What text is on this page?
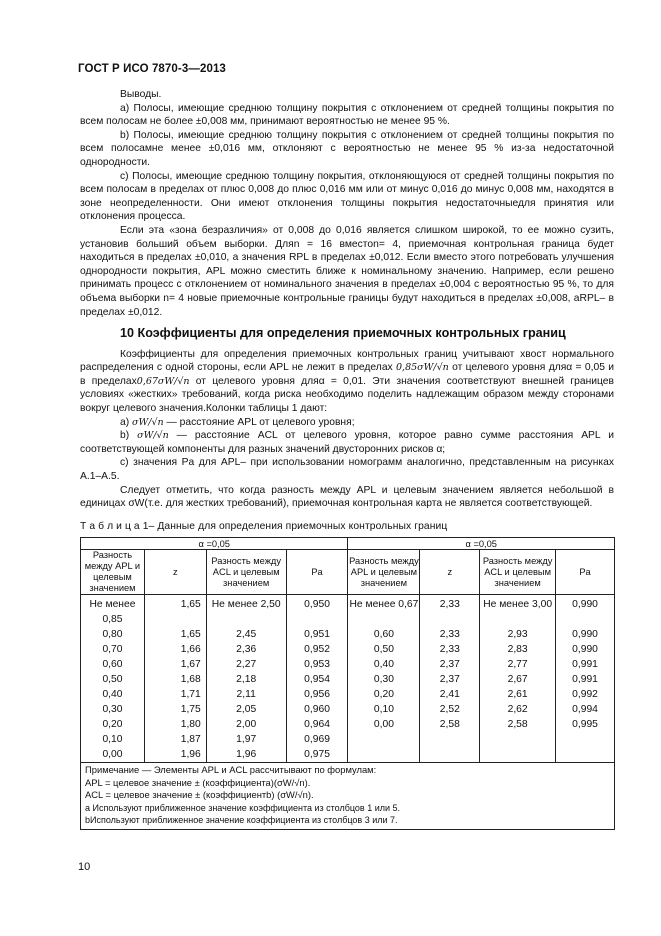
ГОСТ Р ИСО 7870-3—2013

Выводы.

а) Полосы, имеющие среднюю толщину покрытия с отклонением от средней толщины покрытия по всем полосам не более ±0,008 мм, принимают вероятностью не менее 95 %.

b) Полосы, имеющие среднюю толщину покрытия с отклонением от средней толщины покрытия по всем полосамне менее ±0,016 мм, отклоняют с вероятностью не менее 95 % из-за недостаточной однородности.

c) Полосы, имеющие среднюю толщину покрытия, отклоняющуюся от средней толщины покрытия по всем полосам в пределах от плюс 0,008 до плюс 0,016 мм или от минус 0,016 до минус 0,008 мм, находятся в зоне неопределенности. Они имеют отклонения толщины покрытия недостаточныедля принятия или отклонения процесса.

Если эта «зона безразличия» от 0,008 до 0,016 является слишком широкой, то ее можно сузить, установив больший объем выборки. Дляn = 16 вместоn= 4, приемочная контрольная граница будет находиться в пределах ±0,010, а значения RPL в пределах ±0,012. Если вместо этого потребовать улучшения однородности покрытия, APL можно сместить ближе к номинальному значению. Например, если решено принимать процесс с отклонением от номинального значения в пределах ±0,004 с вероятностью 95 %, то для объема выборки n= 4 новые приемочные контрольные границы будут находиться в пределах ±0,008, aRPL– в пределах ±0,012.

10 Коэффициенты для определения приемочных контрольных границ

Коэффициенты для определения приемочных контрольных границ учитывают хвост нормального распределения с одной стороны, если APL не лежит в пределах 0,85σW/√n от целевого уровня дляα = 0,05 и в пределах0,67σW/√n от целевого уровня дляα = 0,01. Эти значения соответствуют внешней границев условиях «жестких» требований, когда риска необходимо поделить надлежащим образом между сторонами вокруг целевого значения.Колонки таблицы 1 дают:

а) σW/√n — расстояние APL от целевого уровня;

b) σW/√n — расстояние ACL от целевого уровня, которое равно сумме расстояния APL и соответствующей компоненты для разных значений двусторонних рисков α;

c) значения Pa для APL– при использовании номограмм аналогично, представленным на рисунках А.1–А.5.

Следует отметить, что когда разность между APL и целевым значением является небольшой в единицах σW(т.е. для жестких требований), приемочная контрольная карта не является соответствующей.

Т а б л и ц а 1– Данные для определения приемочных контрольных границ

α =0,05				α =0,05			
Разность между APL и целевым значением	z	Разность между ACL и целевым значением	Pa	Разность между APL и целевым значением	z	Разность между ACL и целевым значением	Pa
Не менее 0,85	1,65	Не менее 2,50	0,950	Не менее 0,67	2,33	Не менее 3,00	0,990
0,80	1,65	2,45	0,951	0,60	2,33	2,93	0,990
0,70	1,66	2,36	0,952	0,50	2,33	2,83	0,990
0,60	1,67	2,27	0,953	0,40	2,37	2,77	0,991
0,50	1,68	2,18	0,954	0,30	2,37	2,67	0,991
0,40	1,71	2,11	0,956	0,20	2,41	2,61	0,992
0,30	1,75	2,05	0,960	0,10	2,52	2,62	0,994
0,20	1,80	2,00	0,964	0,00	2,58	2,58	0,995
0,10	1,87	1,97	0,969				
0,00	1,96	1,96	0,975				

Примечание — Элементы APL и ACL рассчитывают по формулам:
APL = целевое значение ± (коэффициента)(σW/√n).
ACL = целевое значение ± (коэффициентb) (σW/√n).
а Используют приближенное значение коэффициента из столбцов 1 или 5.
bИспользуют приближенное значение коэффициента из столбцов 3 или 7.							
10
